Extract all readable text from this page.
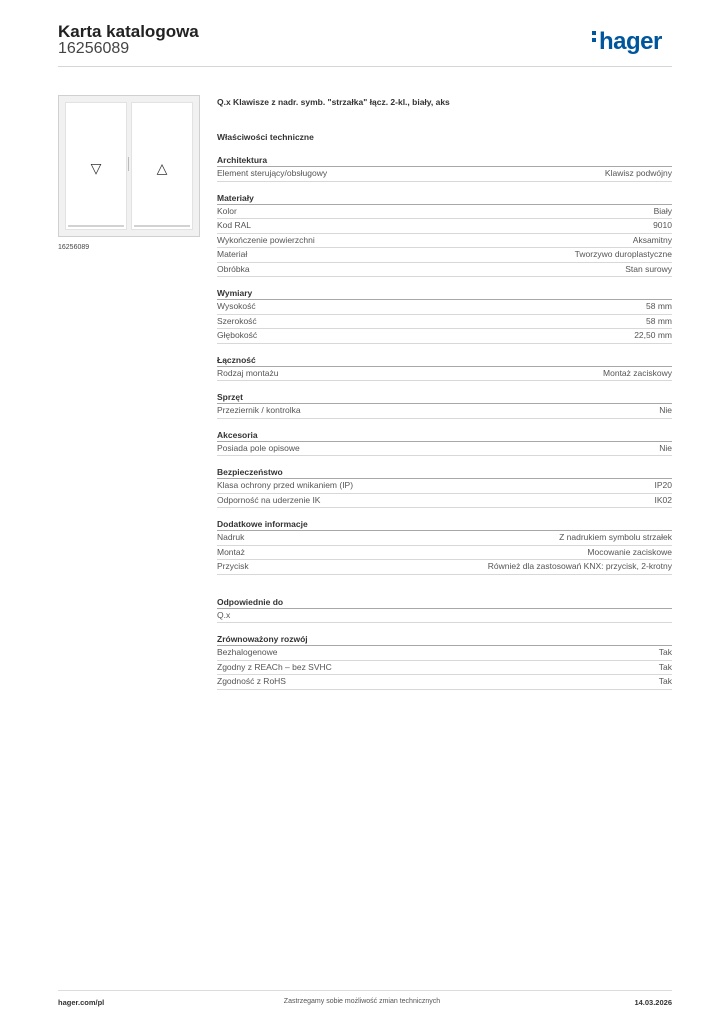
Karta katalogowa
16256089	hager
▽	△
16256089
Q.x Klawisze z nadr. symb. "strzałka" łącz. 2-kl., biały, aks
Właściwości techniczne
Architektura
Element sterujący/obsługowy	Klawisz podwójny
Materiały
Kolor	Biały
Kod RAL	9010
Wykończenie powierzchni	Aksamitny
Materiał	Tworzywo duroplastyczne
Obróbka	Stan surowy
Wymiary
Wysokość	58 mm
Szerokość	58 mm
Głębokość	22,50 mm
Łączność
Rodzaj montażu	Montaż zaciskowy
Sprzęt
Przeziernik / kontrolka	Nie
Akcesoria
Posiada pole opisowe	Nie
Bezpieczeństwo
Klasa ochrony przed wnikaniem (IP)	IP20
Odporność na uderzenie IK	IK02
Dodatkowe informacje
Nadruk	Z nadrukiem symbolu strzałek
Montaż	Mocowanie zaciskowe
Przycisk	Również dla zastosowań KNX: przycisk, 2-krotny
Odpowiednie do
Q.x
Zrównoważony rozwój
Bezhalogenowe	Tak
Zgodny z REACh – bez SVHC	Tak
Zgodność z RoHS	Tak
hager.com/pl	Zastrzegamy sobie możliwość zmian technicznych	14.03.2026
